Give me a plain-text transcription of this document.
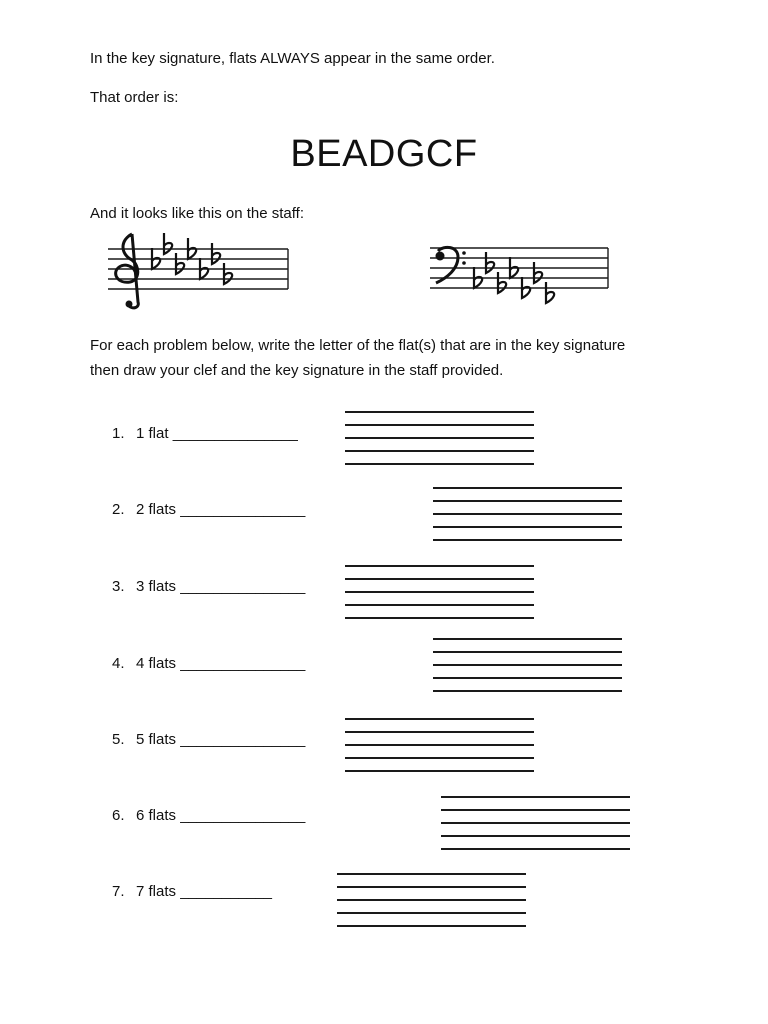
In the key signature, flats ALWAYS appear in the same order.
That order is:
BEADGCF
And it looks like this on the staff:
For each problem below, write the letter of the flat(s) that are in the key signature
then draw your clef and the key signature in the staff provided.
1. 1 flat _______________
2. 2 flats _______________
3. 3 flats _______________
4. 4 flats _______________
5. 5 flats _______________
6. 6 flats _______________
7. 7 flats ___________
